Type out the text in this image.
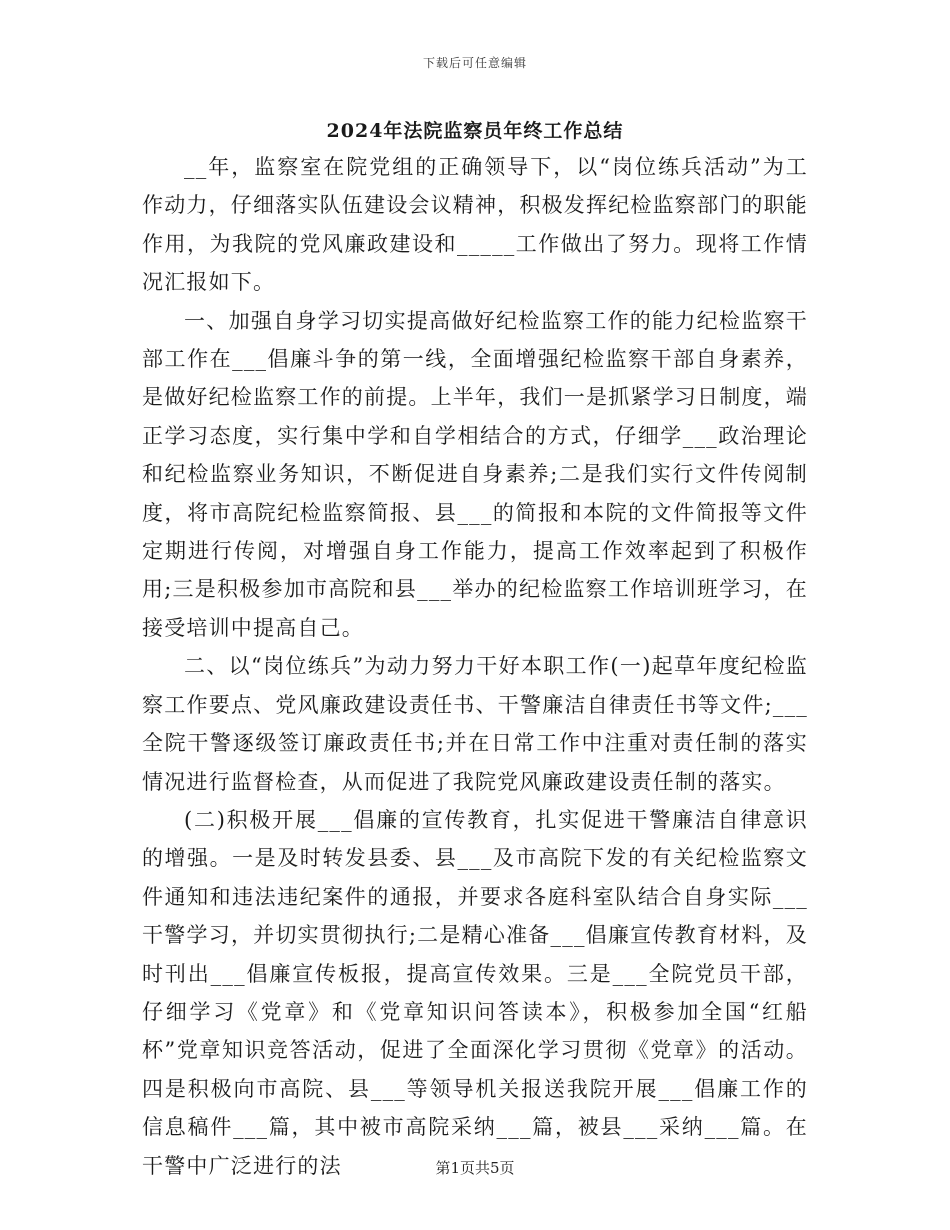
下载后可任意编辑
2024年法院监察员年终工作总结

__年，监察室在院党组的正确领导下，以“岗位练兵活动”为工作动力，仔细落实队伍建设会议精神，积极发挥纪检监察部门的职能作用，为我院的党风廉政建设和_____工作做出了努力。现将工作情况汇报如下。

一、加强自身学习切实提高做好纪检监察工作的能力纪检监察干部工作在___倡廉斗争的第一线，全面增强纪检监察干部自身素养，是做好纪检监察工作的前提。上半年，我们一是抓紧学习日制度，端正学习态度，实行集中学和自学相结合的方式，仔细学___政治理论和纪检监察业务知识，不断促进自身素养;二是我们实行文件传阅制度，将市高院纪检监察简报、县___的简报和本院的文件简报等文件定期进行传阅，对增强自身工作能力，提高工作效率起到了积极作用;三是积极参加市高院和县___举办的纪检监察工作培训班学习，在接受培训中提高自己。

二、以“岗位练兵”为动力努力干好本职工作(一)起草年度纪检监察工作要点、党风廉政建设责任书、干警廉洁自律责任书等文件;___全院干警逐级签订廉政责任书;并在日常工作中注重对责任制的落实情况进行监督检查，从而促进了我院党风廉政建设责任制的落实。

(二)积极开展___倡廉的宣传教育，扎实促进干警廉洁自律意识的增强。一是及时转发县委、县___及市高院下发的有关纪检监察文件通知和违法违纪案件的通报，并要求各庭科室队结合自身实际___干警学习，并切实贯彻执行;二是精心准备___倡廉宣传教育材料，及时刊出___倡廉宣传板报，提高宣传效果。三是___全院党员干部，仔细学习《党章》和《党章知识问答读本》，积极参加全国“红船杯”党章知识竞答活动，促进了全面深化学习贯彻《党章》的活动。四是积极向市高院、县___等领导机关报送我院开展___倡廉工作的信息稿件___篇，其中被市高院采纳___篇，被县___采纳___篇。在干警中广泛进行的法	第1页共5页
